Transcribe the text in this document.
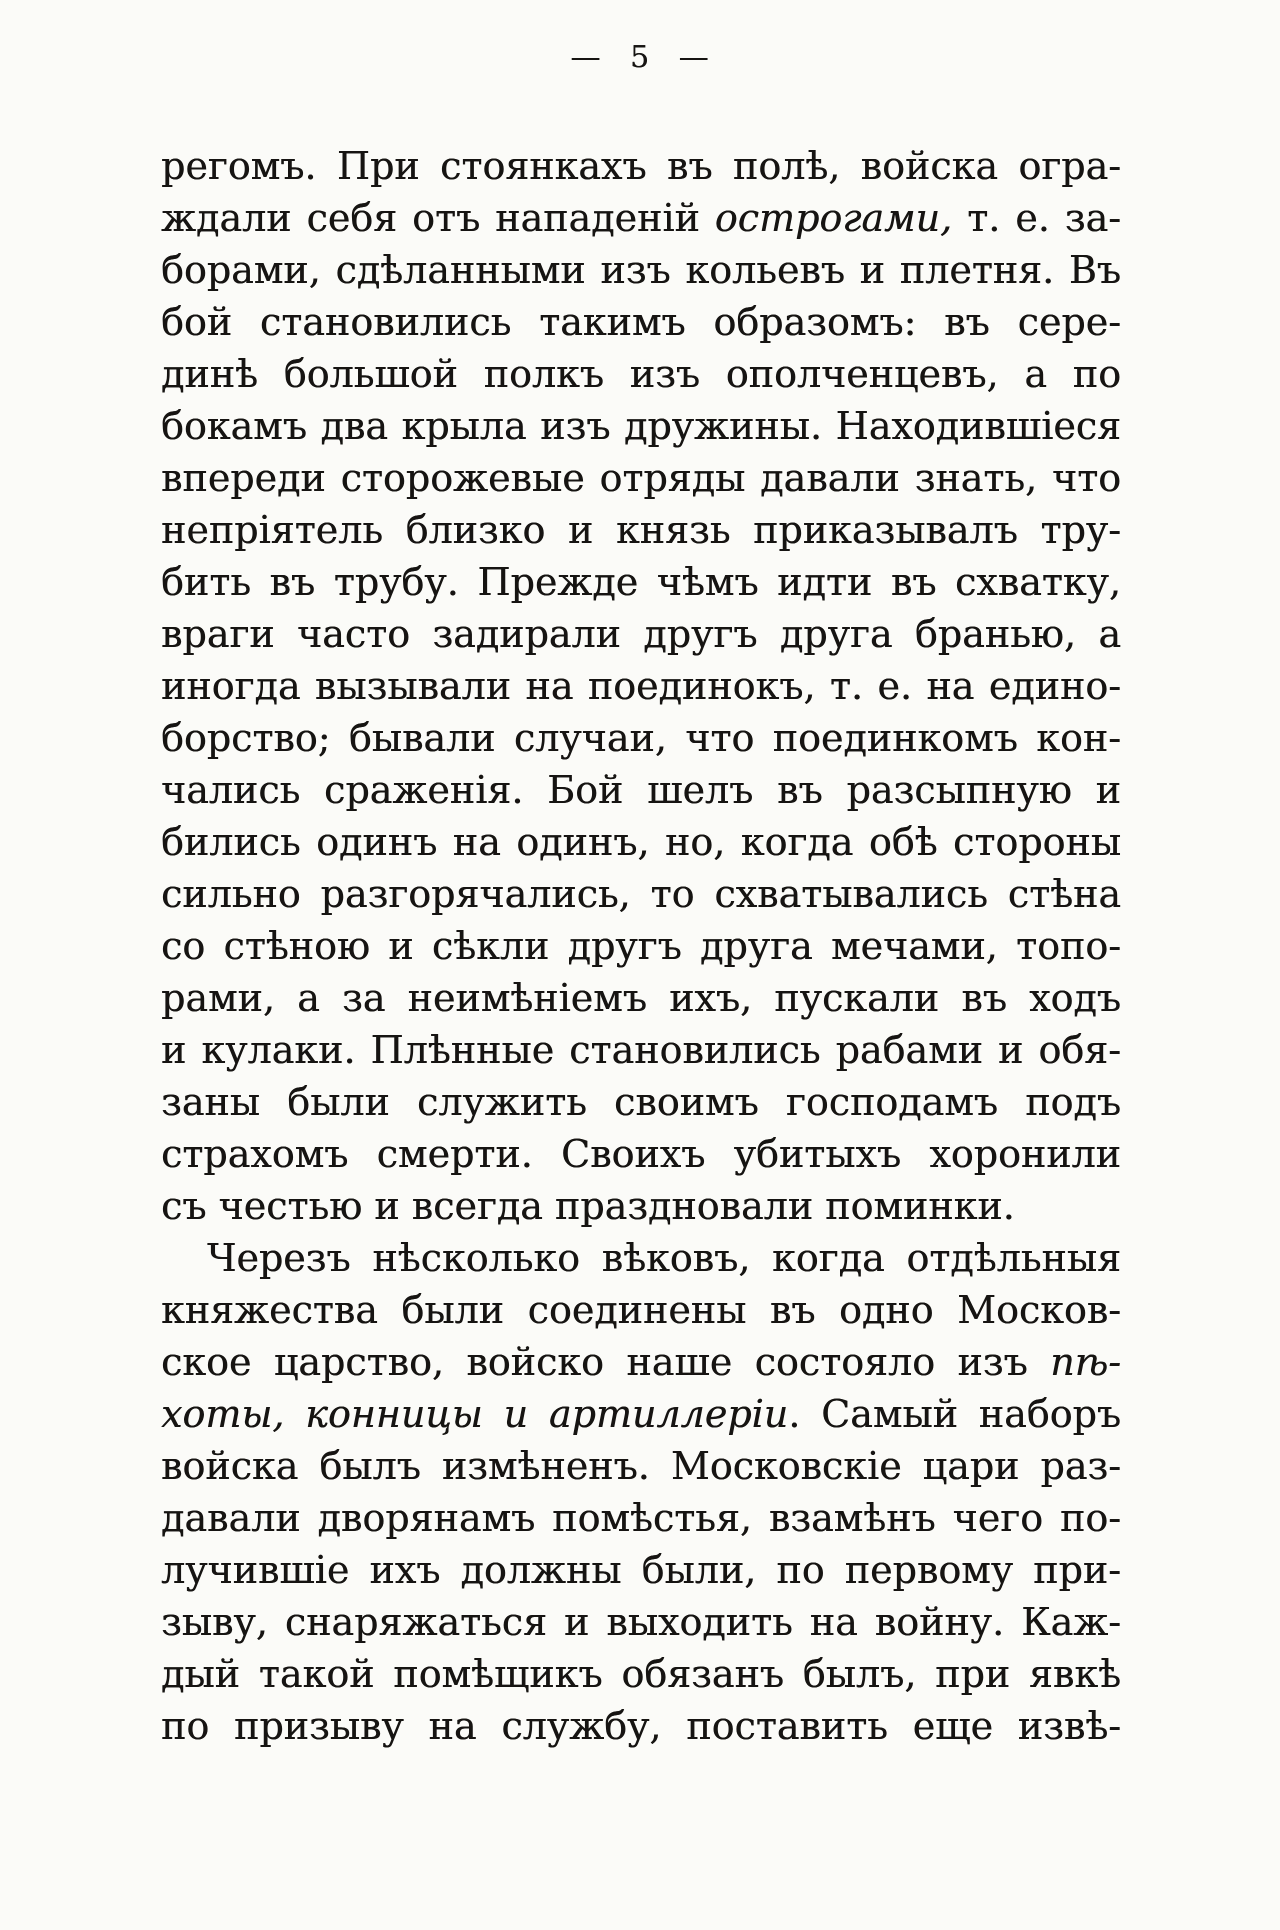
— 5 —
регомъ. При стоянкахъ въ полѣ, войска огра-
ждали себя отъ нападеній острогами, т. е. за-
борами, сдѣланными изъ кольевъ и плетня. Въ
бой становились такимъ образомъ: въ сере-
динѣ большой полкъ изъ ополченцевъ, а по
бокамъ два крыла изъ дружины. Находившіеся
впереди сторожевые отряды давали знать, что
непріятель близко и князь приказывалъ тру-
бить въ трубу. Прежде чѣмъ идти въ схватку,
враги часто задирали другъ друга бранью, а
иногда вызывали на поединокъ, т. е. на едино-
борство; бывали случаи, что поединкомъ кон-
чались сраженія. Бой шелъ въ разсыпную и
бились одинъ на одинъ, но, когда обѣ стороны
сильно разгорячались, то схватывались стѣна
со стѣною и сѣкли другъ друга мечами, топо-
рами, а за неимѣніемъ ихъ, пускали въ ходъ
и кулаки. Плѣнные становились рабами и обя-
заны были служить своимъ господамъ подъ
страхомъ смерти. Своихъ убитыхъ хоронили
съ честью и всегда праздновали поминки.
Черезъ нѣсколько вѣковъ, когда отдѣльныя
княжества были соединены въ одно Москов-
ское царство, войско наше состояло изъ пѣ-
хоты, конницы и артиллеріи. Самый наборъ
войска былъ измѣненъ. Московскіе цари раз-
давали дворянамъ помѣстья, взамѣнъ чего по-
лучившіе ихъ должны были, по первому при-
зыву, снаряжаться и выходить на войну. Каж-
дый такой помѣщикъ обязанъ былъ, при явкѣ
по призыву на службу, поставить еще извѣ-
